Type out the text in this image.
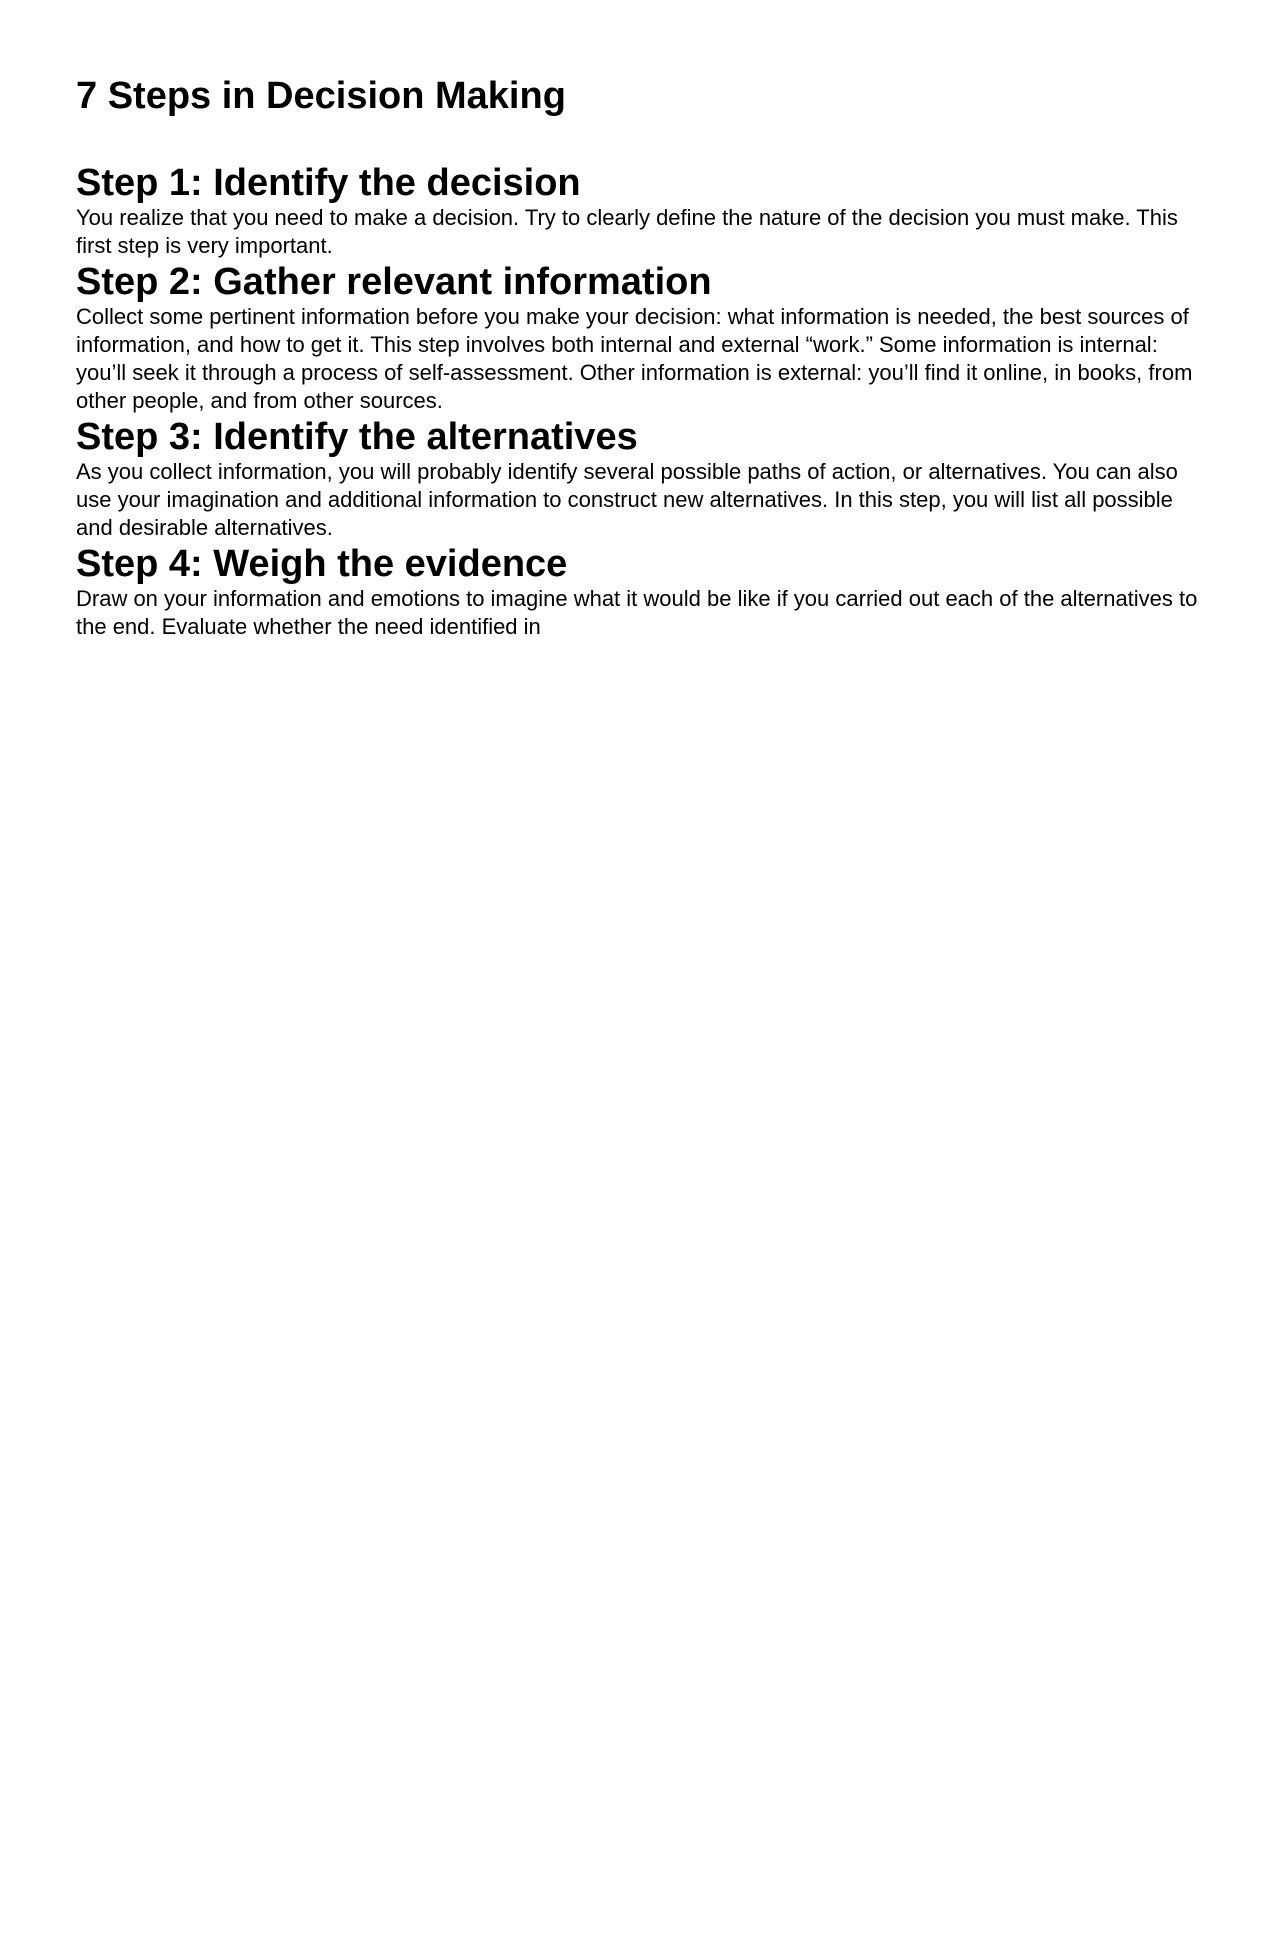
7 Steps in Decision Making
Step 1: Identify the decision

You realize that you need to make a decision. Try to clearly define the nature of the decision you must make. This first step is very important.

Step 2: Gather relevant information

Collect some pertinent information before you make your decision: what information is needed, the best sources of information, and how to get it. This step involves both internal and external “work.” Some information is internal: you’ll seek it through a process of self-assessment. Other information is external: you’ll find it online, in books, from other people, and from other sources.

Step 3: Identify the alternatives

As you collect information, you will probably identify several possible paths of action, or alternatives. You can also use your imagination and additional information to construct new alternatives. In this step, you will list all possible and desirable alternatives.

Step 4: Weigh the evidence

Draw on your information and emotions to imagine what it would be like if you carried out each of the alternatives to the end. Evaluate whether the need identified in
